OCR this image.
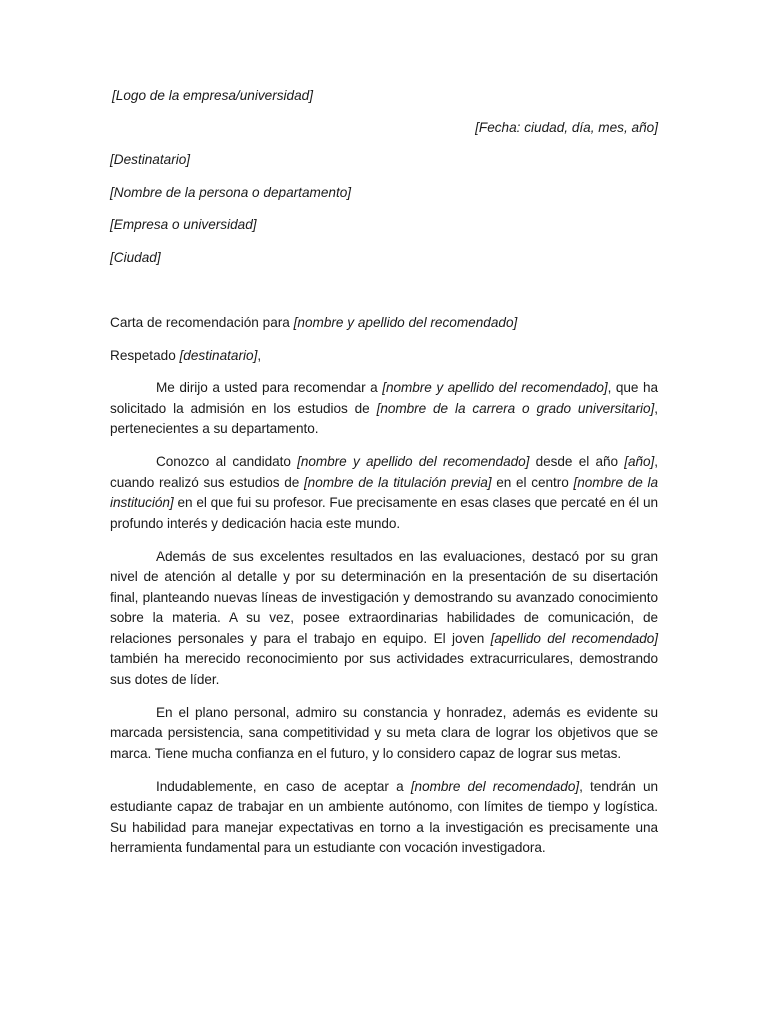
[Logo de la empresa/universidad]
[Fecha: ciudad, día, mes, año]
[Destinatario]
[Nombre de la persona o departamento]
[Empresa o universidad]
[Ciudad]
Carta de recomendación para [nombre y apellido del recomendado]
Respetado [destinatario],

Me dirijo a usted para recomendar a [nombre y apellido del recomendado], que ha solicitado la admisión en los estudios de [nombre de la carrera o grado universitario], pertenecientes a su departamento.

Conozco al candidato [nombre y apellido del recomendado] desde el año [año], cuando realizó sus estudios de [nombre de la titulación previa] en el centro [nombre de la institución] en el que fui su profesor. Fue precisamente en esas clases que percaté en él un profundo interés y dedicación hacia este mundo.

Además de sus excelentes resultados en las evaluaciones, destacó por su gran nivel de atención al detalle y por su determinación en la presentación de su disertación final, planteando nuevas líneas de investigación y demostrando su avanzado conocimiento sobre la materia. A su vez, posee extraordinarias habilidades de comunicación, de relaciones personales y para el trabajo en equipo. El joven [apellido del recomendado] también ha merecido reconocimiento por sus actividades extracurriculares, demostrando sus dotes de líder.

En el plano personal, admiro su constancia y honradez, además es evidente su marcada persistencia, sana competitividad y su meta clara de lograr los objetivos que se marca. Tiene mucha confianza en el futuro, y lo considero capaz de lograr sus metas.

Indudablemente, en caso de aceptar a [nombre del recomendado], tendrán un estudiante capaz de trabajar en un ambiente autónomo, con límites de tiempo y logística. Su habilidad para manejar expectativas en torno a la investigación es precisamente una herramienta fundamental para un estudiante con vocación investigadora.
